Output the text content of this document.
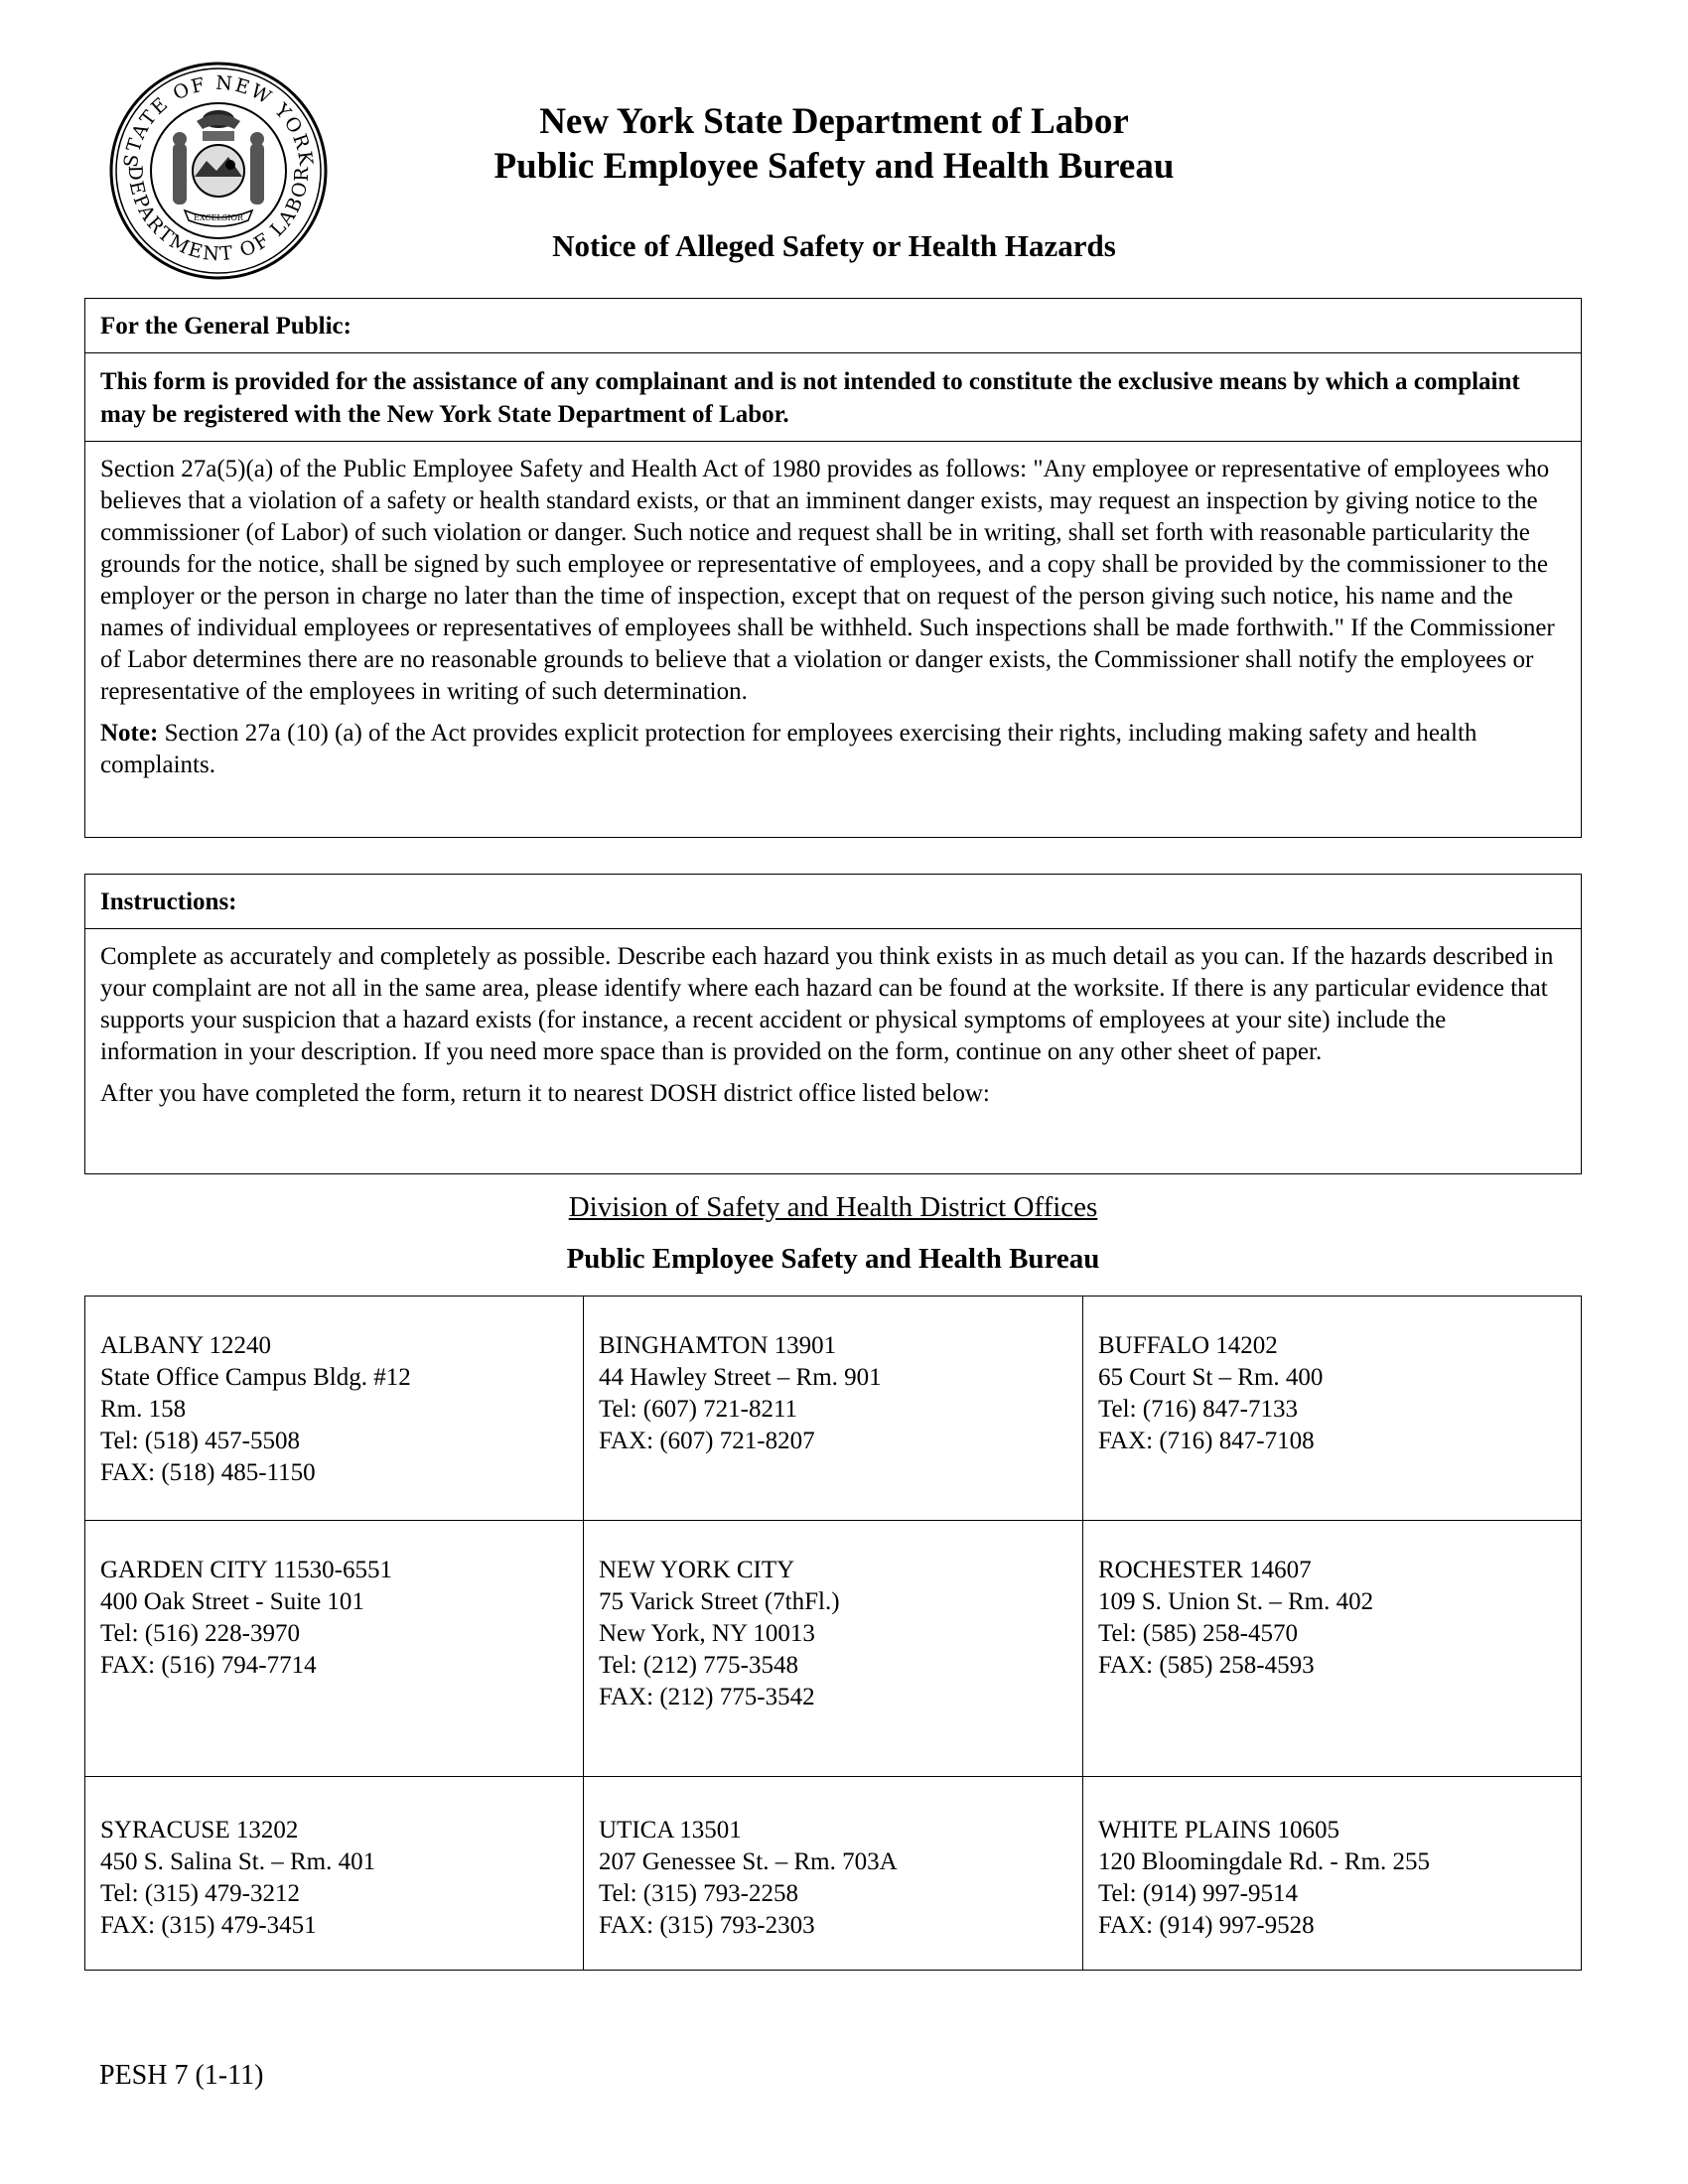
STATE OF NEW YORK
DEPARTMENT OF LABOR
EXCELSIOR
New York State Department of Labor
Public Employee Safety and Health Bureau
Notice of Alleged Safety or Health Hazards
For the General Public:
This form is provided for the assistance of any complainant and is not intended to constitute the exclusive means by which a complaint may be registered with the New York State Department of Labor.

Section 27a(5)(a) of the Public Employee Safety and Health Act of 1980 provides as follows: "Any employee or representative of employees who believes that a violation of a safety or health standard exists, or that an imminent danger exists, may request an inspection by giving notice to the commissioner (of Labor) of such violation or danger. Such notice and request shall be in writing, shall set forth with reasonable particularity the grounds for the notice, shall be signed by such employee or representative of employees, and a copy shall be provided by the commissioner to the employer or the person in charge no later than the time of inspection, except that on request of the person giving such notice, his name and the names of individual employees or representatives of employees shall be withheld. Such inspections shall be made forthwith." If the Commissioner of Labor determines there are no reasonable grounds to believe that a violation or danger exists, the Commissioner shall notify the employees or representative of the employees in writing of such determination.

Note: Section 27a (10) (a) of the Act provides explicit protection for employees exercising their rights, including making safety and health complaints.

Instructions:

Complete as accurately and completely as possible. Describe each hazard you think exists in as much detail as you can. If the hazards described in your complaint are not all in the same area, please identify where each hazard can be found at the worksite. If there is any particular evidence that supports your suspicion that a hazard exists (for instance, a recent accident or physical symptoms of employees at your site) include the information in your description. If you need more space than is provided on the form, continue on any other sheet of paper.

After you have completed the form, return it to nearest DOSH district office listed below:

Division of Safety and Health District Offices
Public Employee Safety and Health Bureau
ALBANY 12240
State Office Campus Bldg. #12
Rm. 158
Tel: (518) 457-5508
FAX: (518) 485-1150
BINGHAMTON 13901
44 Hawley Street – Rm. 901
Tel: (607) 721-8211
FAX: (607) 721-8207
BUFFALO 14202
65 Court St – Rm. 400
Tel: (716) 847-7133
FAX: (716) 847-7108
GARDEN CITY 11530-6551
400 Oak Street - Suite 101
Tel: (516) 228-3970
FAX: (516) 794-7714
NEW YORK CITY
75 Varick Street (7thFl.)
New York, NY 10013
Tel: (212) 775-3548
FAX: (212) 775-3542
ROCHESTER 14607
109 S. Union St. – Rm. 402
Tel: (585) 258-4570
FAX: (585) 258-4593
SYRACUSE 13202
450 S. Salina St. – Rm. 401
Tel: (315) 479-3212
FAX: (315) 479-3451
UTICA 13501
207 Genessee St. – Rm. 703A
Tel: (315) 793-2258
FAX: (315) 793-2303
WHITE PLAINS 10605
120 Bloomingdale Rd. - Rm. 255
Tel: (914) 997-9514
FAX: (914) 997-9528
PESH 7 (1-11)
